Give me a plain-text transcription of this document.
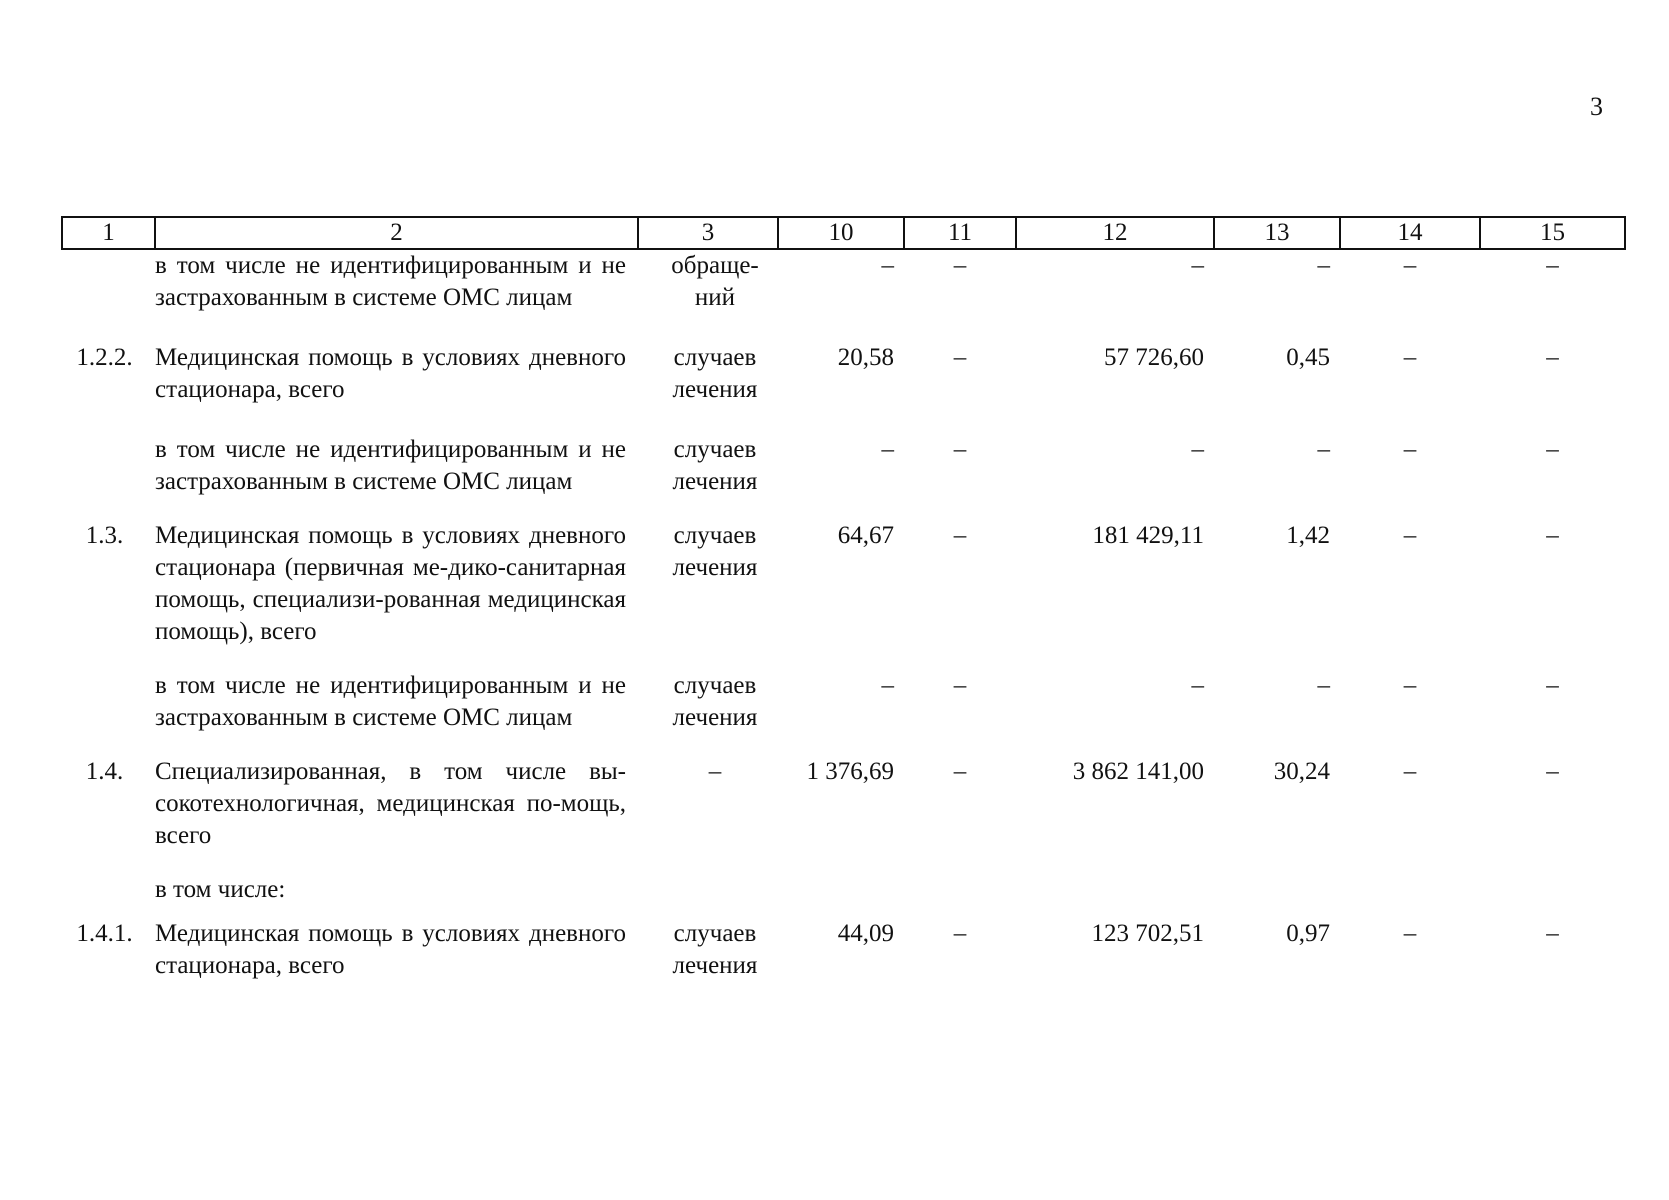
3
1	2	3	10	11	12	13	14	15
	в том числе не идентифицированным и не застрахованным в системе ОМС лицам	обраще-ний	–	–	–	–	–	–
1.2.2.	Медицинская помощь в условиях дневного стационара, всего	случаев лечения	20,58	–	57 726,60	0,45	–	–
	в том числе не идентифицированным и не застрахованным в системе ОМС лицам	случаев лечения	–	–	–	–	–	–
1.3.	Медицинская помощь в условиях дневного стационара (первичная ме-дико-санитарная помощь, специализи-рованная медицинская помощь), всего	случаев лечения	64,67	–	181 429,11	1,42	–	–
	в том числе не идентифицированным и не застрахованным в системе ОМС лицам	случаев лечения	–	–	–	–	–	–
1.4.	Специализированная, в том числе вы-сокотехнологичная, медицинская по-мощь, всего	–	1 376,69	–	3 862 141,00	30,24	–	–
	в том числе:							
1.4.1.	Медицинская помощь в условиях дневного стационара, всего	случаев лечения	44,09	–	123 702,51	0,97	–	–
